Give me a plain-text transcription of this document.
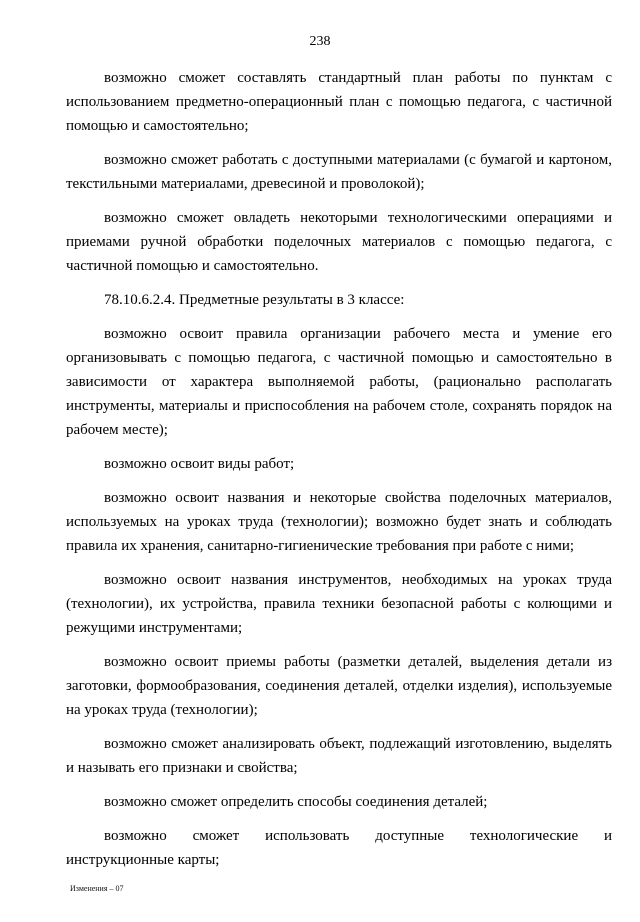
238

возможно сможет составлять стандартный план работы по пунктам с использованием предметно-операционный план с помощью педагога, с частичной помощью и самостоятельно;

возможно сможет работать с доступными материалами (с бумагой и картоном, текстильными материалами, древесиной и проволокой);

возможно сможет овладеть некоторыми технологическими операциями и приемами ручной обработки поделочных материалов с помощью педагога, с частичной помощью и самостоятельно.

78.10.6.2.4. Предметные результаты в 3 классе:

возможно освоит правила организации рабочего места и умение его организовывать с помощью педагога, с частичной помощью и самостоятельно в зависимости от характера выполняемой работы, (рационально располагать инструменты, материалы и приспособления на рабочем столе, сохранять порядок на рабочем месте);

возможно освоит виды работ;

возможно освоит названия и некоторые свойства поделочных материалов, используемых на уроках труда (технологии); возможно будет знать и соблюдать правила их хранения, санитарно-гигиенические требования при работе с ними;

возможно освоит названия инструментов, необходимых на уроках труда (технологии), их устройства, правила техники безопасной работы с колющими и режущими инструментами;

возможно освоит приемы работы (разметки деталей, выделения детали из заготовки, формообразования, соединения деталей, отделки изделия), используемые на уроках труда (технологии);

возможно сможет анализировать объект, подлежащий изготовлению, выделять и называть его признаки и свойства;

возможно сможет определить способы соединения деталей;

возможно сможет использовать доступные технологические и инструкционные карты;

Изменения – 07
